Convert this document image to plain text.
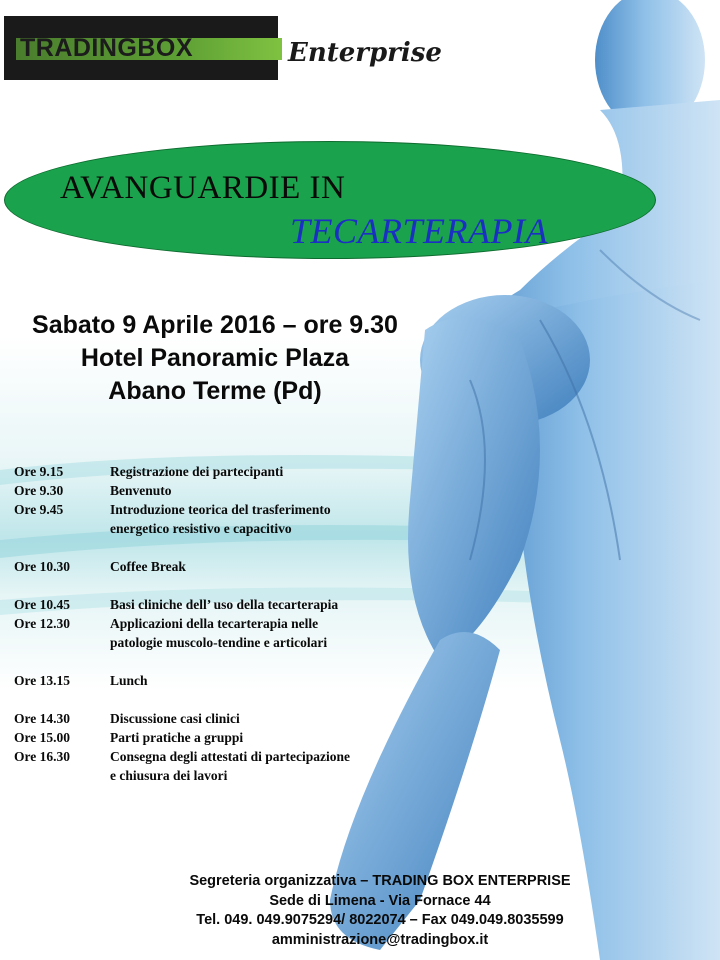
TRADINGBOX	Enterprise
AVANGUARDIE IN
TECARTERAPIA
Sabato 9 Aprile 2016 – ore 9.30
Hotel Panoramic Plaza
Abano Terme (Pd)
Ore 9.15	Registrazione dei partecipanti
Ore 9.30	Benvenuto
Ore 9.45	Introduzione teorica del trasferimento
energetico resistivo e capacitivo
Ore 10.30	Coffee Break
Ore 10.45	Basi cliniche dell’ uso della tecarterapia
Ore 12.30	Applicazioni della tecarterapia nelle
patologie muscolo-tendine e articolari
Ore 13.15	Lunch
Ore 14.30	Discussione casi clinici
Ore 15.00	Parti pratiche a gruppi
Ore 16.30	Consegna degli attestati di partecipazione
e chiusura dei lavori
Segreteria organizzativa – TRADING BOX ENTERPRISE
Sede di Limena - Via Fornace 44
Tel. 049. 049.9075294/ 8022074 – Fax 049.049.8035599
amministrazione@tradingbox.it
